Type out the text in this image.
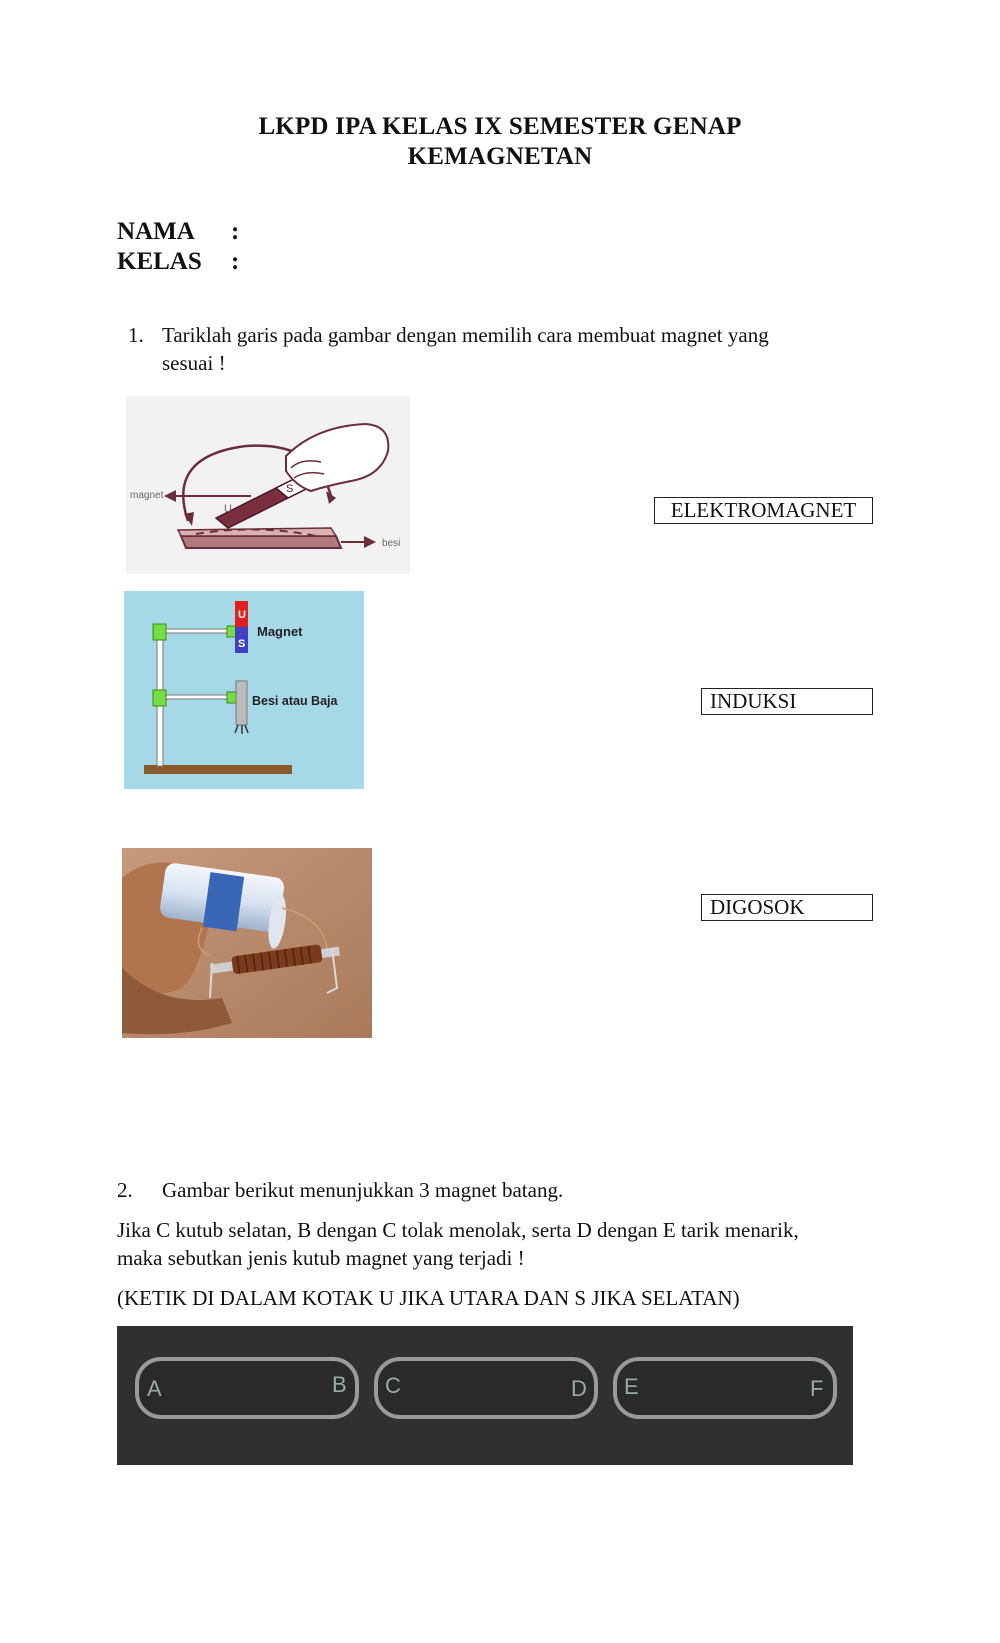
LKPD IPA KELAS IX SEMESTER GENAP
KEMAGNETAN
NAMA :
KELAS :
1. Tariklah garis pada gambar dengan memilih cara membuat magnet yang
sesuai !
magnet
U
S
besi
U
S
Magnet
Besi atau Baja
ELEKTROMAGNET
INDUKSI
DIGOSOK
2. Gambar berikut menunjukkan 3 magnet batang.
Jika C kutub selatan, B dengan C tolak menolak, serta D dengan E tarik menarik,
maka sebutkan jenis kutub magnet yang terjadi !
(KETIK DI DALAM KOTAK U JIKA UTARA DAN S JIKA SELATAN)
A	B C	D E	F
